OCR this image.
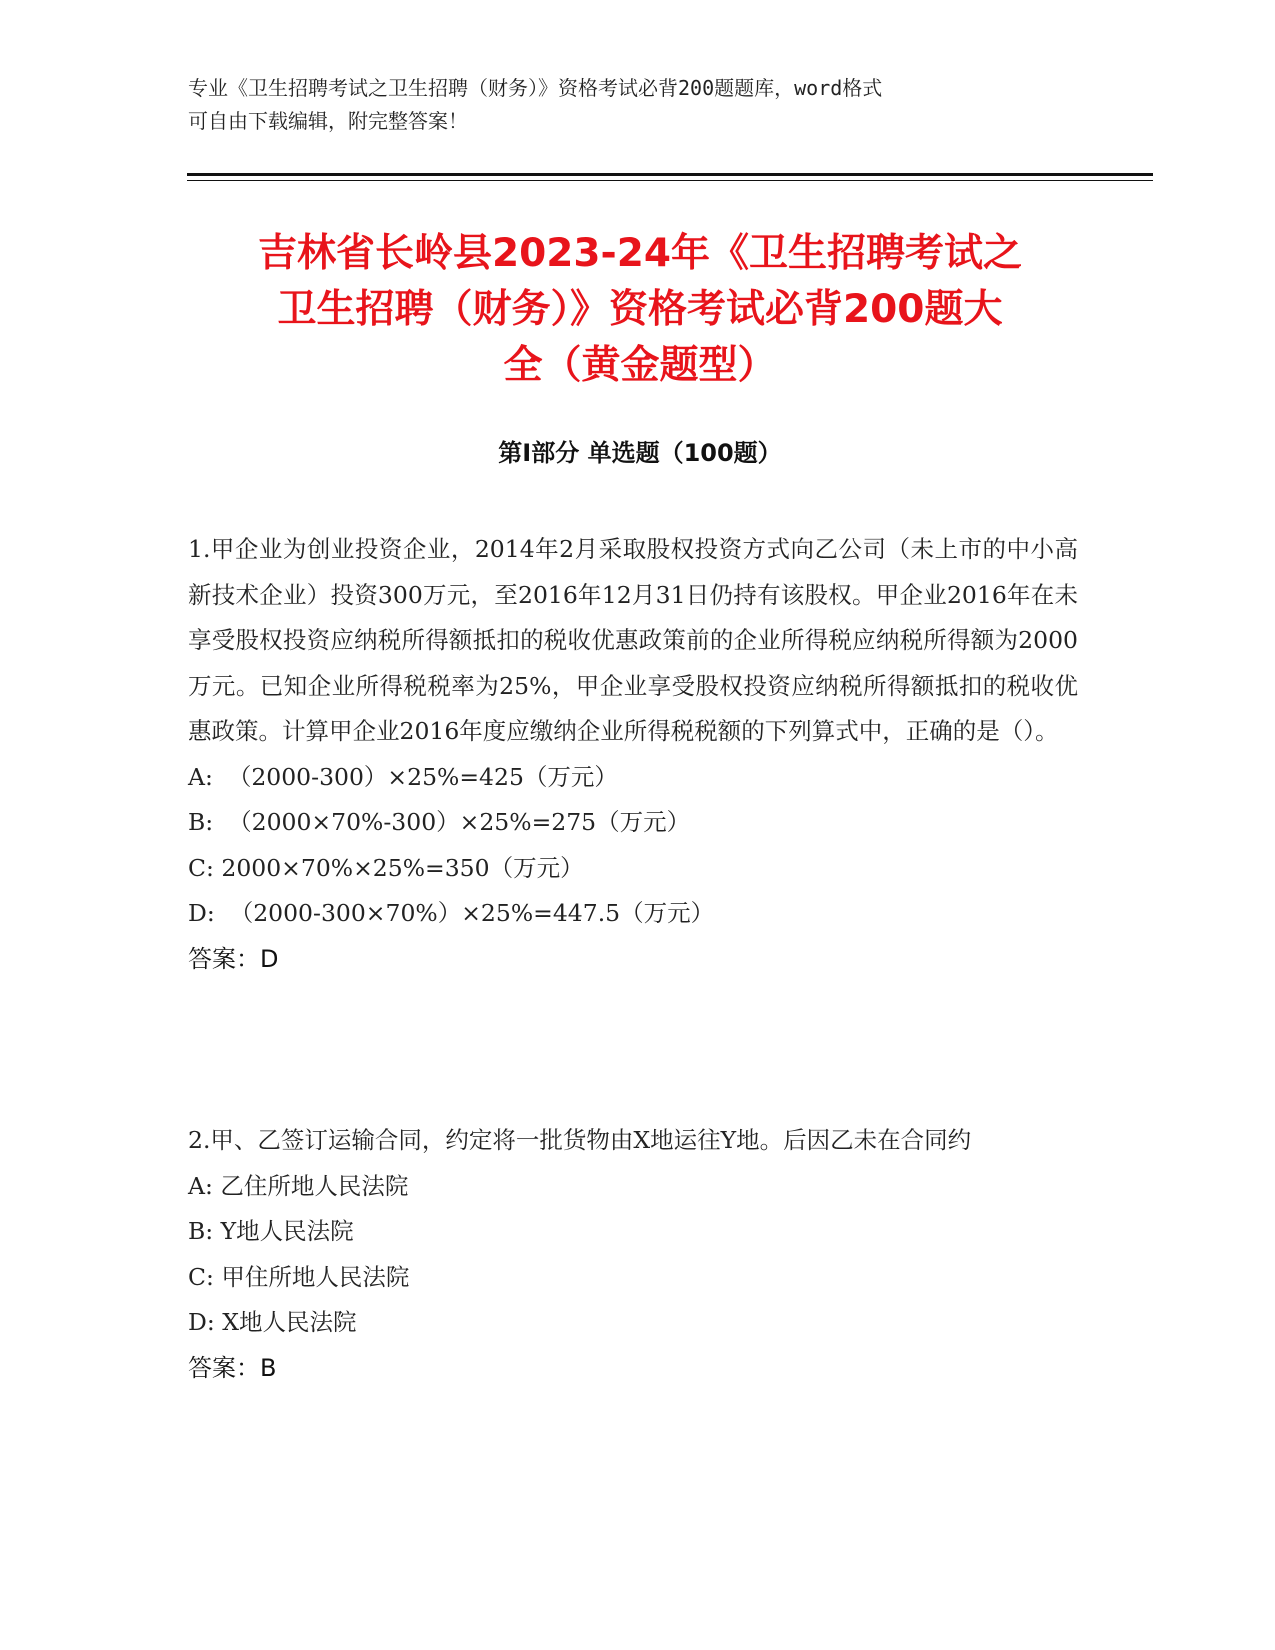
专业《卫生招聘考试之卫生招聘（财务）》资格考试必背200题题库，word格式
可自由下载编辑，附完整答案！
吉林省长岭县2023-24年《卫生招聘考试之
卫生招聘（财务）》资格考试必背200题大
全（黄金题型）
第Ⅰ部分 单选题（100题）

1.甲企业为创业投资企业，2014年2月采取股权投资方式向乙公司（未上市的中小高新技术企业）投资300万元，至2016年12月31日仍持有该股权。甲企业2016年在未享受股权投资应纳税所得额抵扣的税收优惠政策前的企业所得税应纳税所得额为2000万元。已知企业所得税税率为25%，甲企业享受股权投资应纳税所得额抵扣的税收优惠政策。计算甲企业2016年度应缴纳企业所得税税额的下列算式中，正确的是（）。

A:  （2000-300）×25%=425（万元）

B:  （2000×70%-300）×25%=275（万元）

C: 2000×70%×25%=350（万元）

D:  （2000-300×70%）×25%=447.5（万元）

答案：D

2.甲、乙签订运输合同，约定将一批货物由X地运往Y地。后因乙未在合同约

A: 乙住所地人民法院

B: Y地人民法院

C: 甲住所地人民法院

D: X地人民法院

答案：B
